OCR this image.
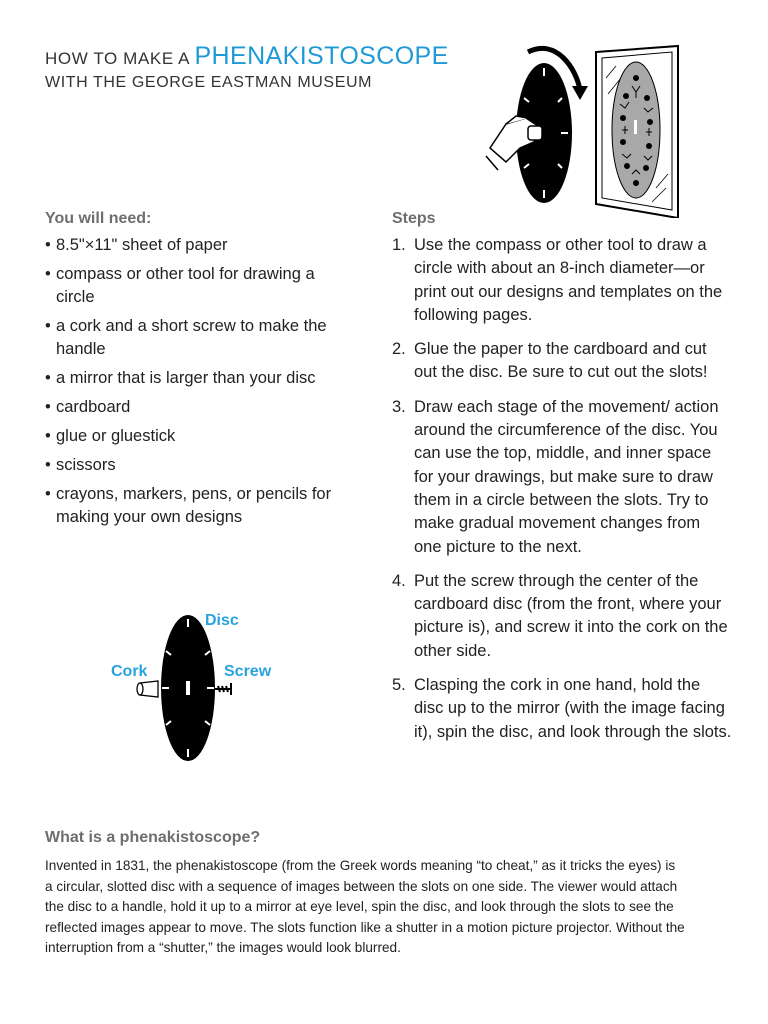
HOW TO MAKE A PHENAKISTOSCOPE
WITH THE GEORGE EASTMAN MUSEUM
You will need:
• 8.5"×11" sheet of paper
• compass or other tool for drawing a circle
• a cork and a short screw to make the handle
• a mirror that is larger than your disc
• cardboard
• glue or gluestick
• scissors
• crayons, markers, pens, or pencils for making your own designs
Steps
1. Use the compass or other tool to draw a circle with about an 8-inch diameter—or print out our designs and templates on the following pages.
2. Glue the paper to the cardboard and cut out the disc. Be sure to cut out the slots!
3. Draw each stage of the movement/ action around the circumference of the disc. You can use the top, middle, and inner space for your drawings, but make sure to draw them in a circle between the slots. Try to make gradual movement changes from one picture to the next.
4. Put the screw through the center of the cardboard disc (from the front, where your picture is), and screw it into the cork on the other side.
5. Clasping the cork in one hand, hold the disc up to the mirror (with the image facing it), spin the disc, and look through the slots.
Disc
Cork	Screw
What is a phenakistoscope?

Invented in 1831, the phenakistoscope (from the Greek words meaning “to cheat,” as it tricks the eyes) is a circular, slotted disc with a sequence of images between the slots on one side. The viewer would attach the disc to a handle, hold it up to a mirror at eye level, spin the disc, and look through the slots to see the reflected images appear to move. The slots function like a shutter in a motion picture projector. Without the interruption from a “shutter,” the images would look blurred.
